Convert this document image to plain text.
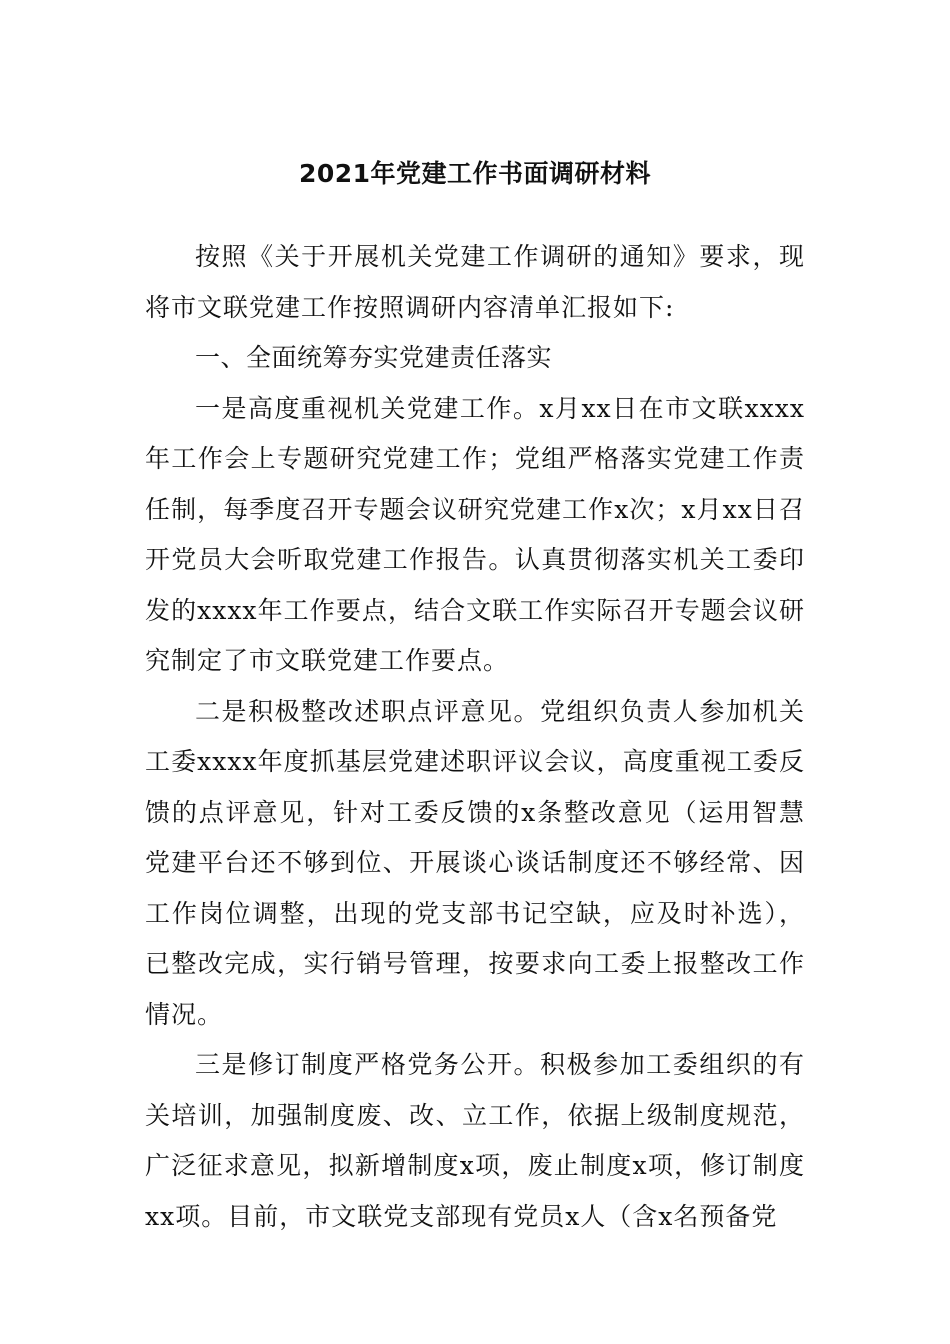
2021年党建工作书面调研材料

按照《关于开展机关党建工作调研的通知》要求，现将市文联党建工作按照调研内容清单汇报如下:

一、全面统筹夯实党建责任落实

一是高度重视机关党建工作。x月xx日在市文联xxxx年工作会上专题研究党建工作；党组严格落实党建工作责任制，每季度召开专题会议研究党建工作x次；x月xx日召开党员大会听取党建工作报告。认真贯彻落实机关工委印发的xxxx年工作要点，结合文联工作实际召开专题会议研究制定了市文联党建工作要点。

二是积极整改述职点评意见。党组织负责人参加机关工委xxxx年度抓基层党建述职评议会议，高度重视工委反馈的点评意见，针对工委反馈的x条整改意见（运用智慧党建平台还不够到位、开展谈心谈话制度还不够经常、因工作岗位调整，出现的党支部书记空缺，应及时补选），已整改完成，实行销号管理，按要求向工委上报整改工作情况。

三是修订制度严格党务公开。积极参加工委组织的有关培训，加强制度废、改、立工作，依据上级制度规范，广泛征求意见，拟新增制度x项，废止制度x项，修订制度xx项。目前，市文联党支部现有党员x人（含x名预备党
